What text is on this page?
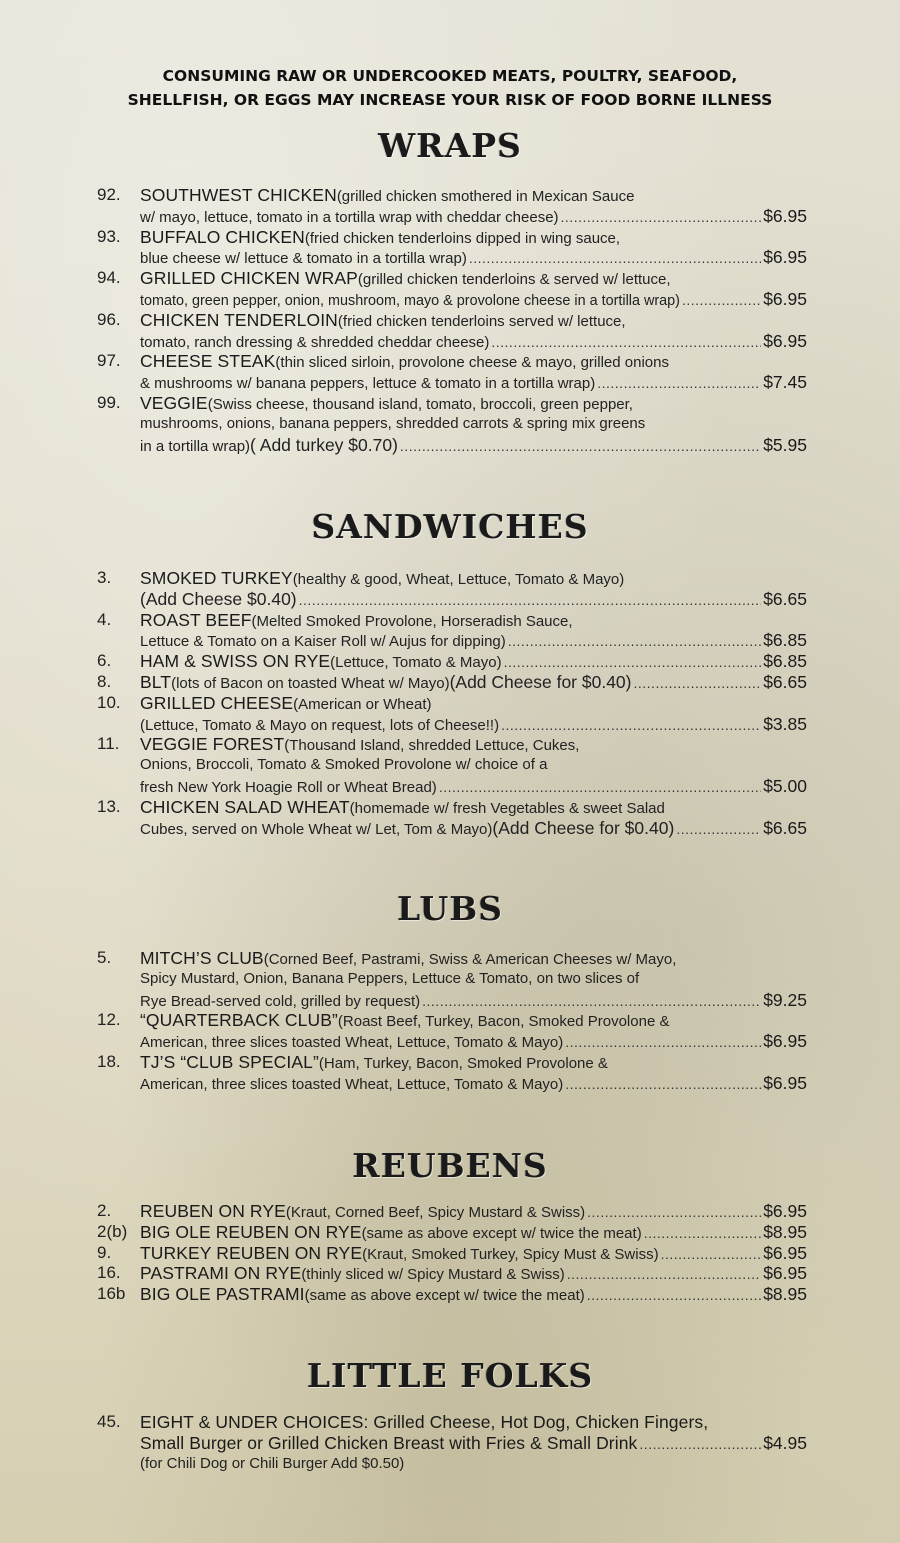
CONSUMING RAW OR UNDERCOOKED MEATS, POULTRY, SEAFOOD,
SHELLFISH, OR EGGS MAY INCREASE YOUR RISK OF FOOD BORNE ILLNESS
WRAPS
92.	SOUTHWEST CHICKEN (grilled chicken smothered in Mexican Sauce
w/ mayo, lettuce, tomato in a tortilla wrap with cheddar cheese) .....	$6.95
93.	BUFFALO CHICKEN (fried chicken tenderloins dipped in wing sauce,
blue cheese w/ lettuce & tomato in a tortilla wrap) .....	$6.95
94.	GRILLED CHICKEN WRAP (grilled chicken tenderloins & served w/ lettuce,
tomato, green pepper, onion, mushroom, mayo & provolone cheese in a tortilla wrap) .....	$6.95
96.	CHICKEN TENDERLOIN (fried chicken tenderloins served w/ lettuce,
tomato, ranch dressing & shredded cheddar cheese) .....	$6.95
97.	CHEESE STEAK (thin sliced sirloin, provolone cheese & mayo, grilled onions
& mushrooms w/ banana peppers, lettuce & tomato in a tortilla wrap) .....	$7.45
99.	VEGGIE (Swiss cheese, thousand island, tomato, broccoli, green pepper,
mushrooms, onions, banana peppers, shredded carrots & spring mix greens
in a tortilla wrap) ( Add turkey $0.70) .....	$5.95
SANDWICHES
3.	SMOKED TURKEY (healthy & good, Wheat, Lettuce, Tomato & Mayo)
(Add Cheese $0.40) .....	$6.65
4.	ROAST BEEF (Melted Smoked Provolone, Horseradish Sauce,
Lettuce & Tomato on a Kaiser Roll w/ Aujus for dipping) .....	$6.85
6.	HAM & SWISS ON RYE (Lettuce, Tomato & Mayo) .....	$6.85
8.	BLT (lots of Bacon on toasted Wheat w/ Mayo) (Add Cheese for $0.40) .....	$6.65
10.	GRILLED CHEESE (American or Wheat)
(Lettuce, Tomato & Mayo on request, lots of Cheese!!) .....	$3.85
11.	VEGGIE FOREST (Thousand Island, shredded Lettuce, Cukes,
Onions, Broccoli, Tomato & Smoked Provolone w/ choice of a
fresh New York Hoagie Roll or Wheat Bread) .....	$5.00
13.	CHICKEN SALAD WHEAT (homemade w/ fresh Vegetables & sweet Salad
Cubes, served on Whole Wheat w/ Let, Tom & Mayo) (Add Cheese for $0.40) .....	$6.65
LUBS
5.	MITCH’S CLUB (Corned Beef, Pastrami, Swiss & American Cheeses w/ Mayo,
Spicy Mustard, Onion, Banana Peppers, Lettuce & Tomato, on two slices of
Rye Bread-served cold, grilled by request) .....	$9.25
12.	“QUARTERBACK CLUB” (Roast Beef, Turkey, Bacon, Smoked Provolone &
American, three slices toasted Wheat, Lettuce, Tomato & Mayo) .....	$6.95
18.	TJ’S “CLUB SPECIAL” (Ham, Turkey, Bacon, Smoked Provolone &
American, three slices toasted Wheat, Lettuce, Tomato & Mayo) .....	$6.95
REUBENS
2.	REUBEN ON RYE (Kraut, Corned Beef, Spicy Mustard & Swiss) .....	$6.95
2(b) BIG OLE REUBEN ON RYE (same as above except w/ twice the meat) .....	$8.95
9.	TURKEY REUBEN ON RYE (Kraut, Smoked Turkey, Spicy Must & Swiss) .....	$6.95
16.	PASTRAMI ON RYE (thinly sliced w/ Spicy Mustard & Swiss) .....	$6.95
16b BIG OLE PASTRAMI (same as above except w/ twice the meat) .....	$8.95
LITTLE FOLKS
45.	EIGHT & UNDER CHOICES: Grilled Cheese, Hot Dog, Chicken Fingers,
Small Burger or Grilled Chicken Breast with Fries & Small Drink .....	$4.95
(for Chili Dog or Chili Burger Add $0.50)
